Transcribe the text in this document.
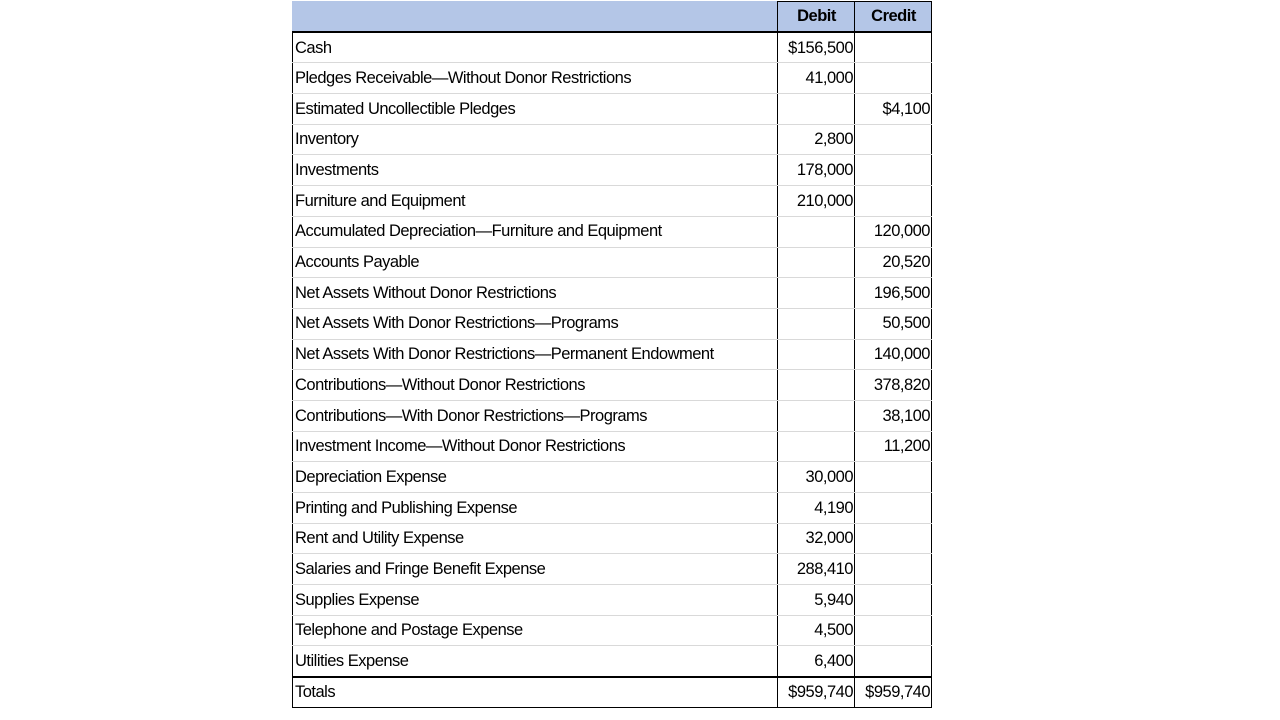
	Debit	Credit
Cash	$156,500	
Pledges Receivable—Without Donor Restrictions	41,000	
Estimated Uncollectible Pledges		$4,100
Inventory	2,800	
Investments	178,000	
Furniture and Equipment	210,000	
Accumulated Depreciation—Furniture and Equipment		120,000
Accounts Payable		20,520
Net Assets Without Donor Restrictions		196,500
Net Assets With Donor Restrictions—Programs		50,500
Net Assets With Donor Restrictions—Permanent Endowment		140,000
Contributions—Without Donor Restrictions		378,820
Contributions—With Donor Restrictions—Programs		38,100
Investment Income—Without Donor Restrictions		11,200
Depreciation Expense	30,000	
Printing and Publishing Expense	4,190	
Rent and Utility Expense	32,000	
Salaries and Fringe Benefit Expense	288,410	
Supplies Expense	5,940	
Telephone and Postage Expense	4,500	
Utilities Expense	6,400	
Totals	$959,740	$959,740
